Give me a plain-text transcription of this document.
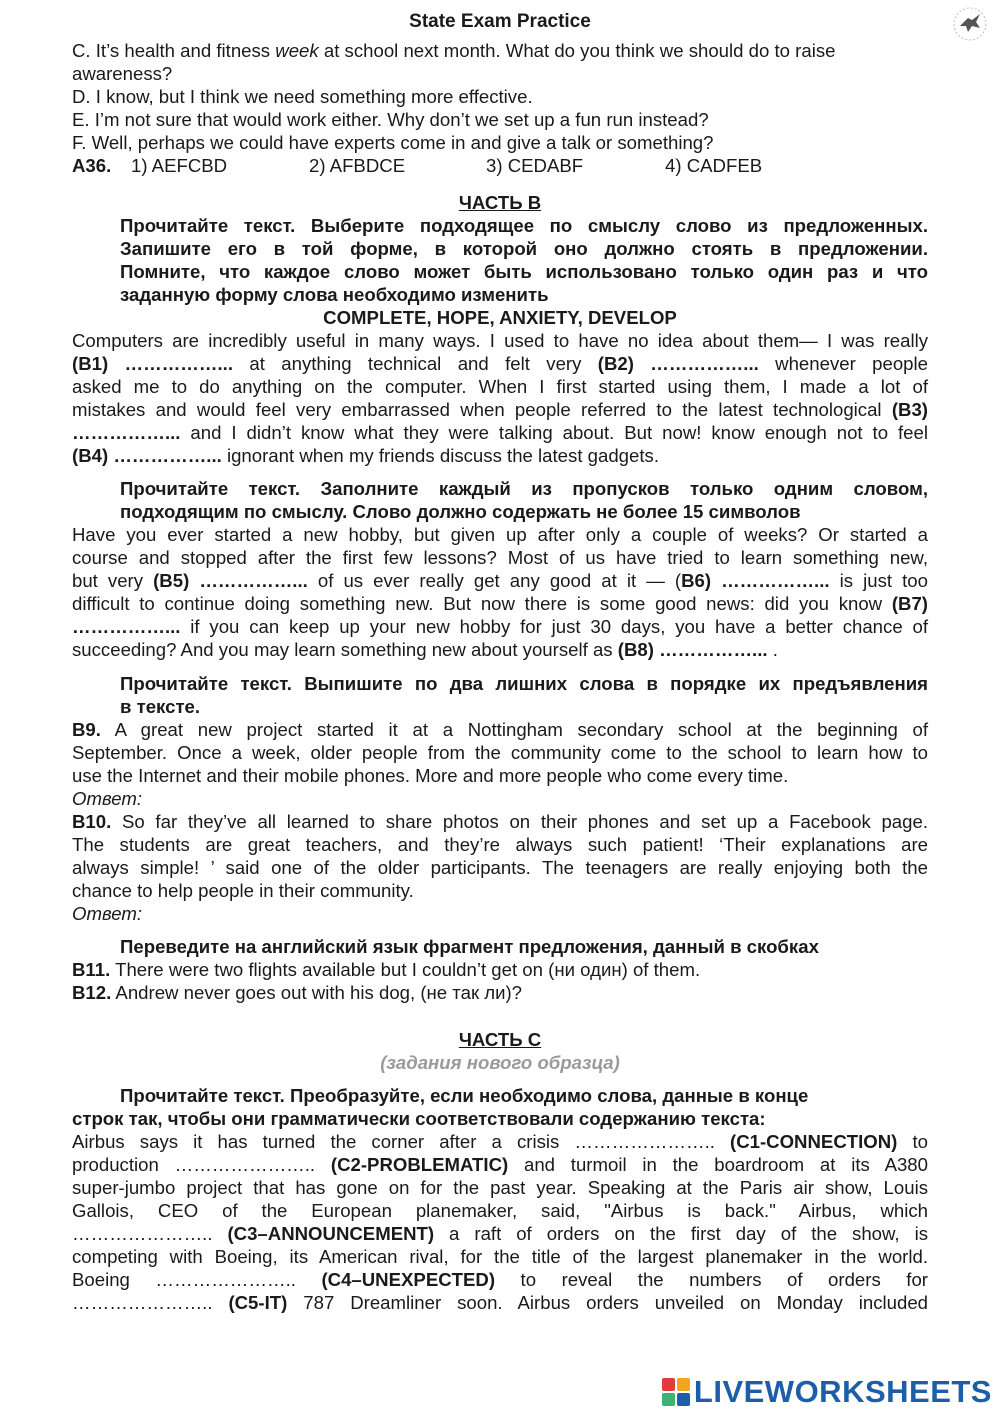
State Exam Practice
C. It’s health and fitness week at school next month. What do you think we should do to raise
awareness?
D. I know, but I think we need something more effective.
E. I’m not sure that would work either. Why don’t we set up a fun run instead?
F. Well, perhaps we could have experts come in and give a talk or something?
A36. 1) AEFCBD	2) AFBDCE	3) CEDABF	4) CADFEB
ЧАСТЬ В
Прочитайте текст. Выберите подходящее по смыслу слово из предложенных.
Запишите его в той форме, в которой оно должно стоять в предложении.
Помните, что каждое слово может быть использовано только один раз и что
заданную форму слова необходимо изменить
COMPLETE, HOPE, ANXIETY, DEVELOP
Computers are incredibly useful in many ways. I used to have no idea about them— I was really
(B1) ……………... at anything technical and felt very (B2) ……………... whenever people
asked me to do anything on the computer. When I first started using them, I made a lot of
mistakes and would feel very embarrassed when people referred to the latest technological (B3)
……………... and I didn’t know what they were talking about. But now! know enough not to feel
(B4) ……………... ignorant when my friends discuss the latest gadgets.
Прочитайте текст. Заполните каждый из пропусков только одним словом,
подходящим по смыслу. Слово должно содержать не более 15 символов
Have you ever started a new hobby, but given up after only a couple of weeks? Or started a
course and stopped after the first few lessons? Most of us have tried to learn something new,
but very (B5) ……………... of us ever really get any good at it — (B6) ……………... is just too
difficult to continue doing something new. But now there is some good news: did you know (B7)
……………... if you can keep up your new hobby for just 30 days, you have a better chance of
succeeding? And you may learn something new about yourself as (B8) ……………... .
Прочитайте текст. Выпишите по два лишних слова в порядке их предъявления
в тексте.
B9. A great new project started it at a Nottingham secondary school at the beginning of
September. Once a week, older people from the community come to the school to learn how to
use the Internet and their mobile phones. More and more people who come every time.
Ответ:
B10. So far they’ve all learned to share photos on their phones and set up a Facebook page.
The students are great teachers, and they’re always such patient! ‘Their explanations are
always simple! ’ said one of the older participants. The teenagers are really enjoying both the
chance to help people in their community.
Ответ:
Переведите на английский язык фрагмент предложения, данный в скобках
B11. There were two flights available but I couldn’t get on (ни один) of them.
B12. Andrew never goes out with his dog, (не так ли)?
ЧАСТЬ С
(задания нового образца)
Прочитайте текст. Преобразуйте, если необходимо слова, данные в конце
строк так, чтобы они грамматически соответствовали содержанию текста:
Airbus says it has turned the corner after a crisis ………………….. (C1-CONNECTION) to
production ………………….. (C2-PROBLEMATIC) and turmoil in the boardroom at its A380
super-jumbo project that has gone on for the past year. Speaking at the Paris air show, Louis
Gallois, CEO of the European planemaker, said, "Airbus is back." Airbus, which
………………….. (C3–ANNOUNCEMENT) a raft of orders on the first day of the show, is
competing with Boeing, its American rival, for the title of the largest planemaker in the world.
Boeing ………………….. (C4–UNEXPECTED) to reveal the numbers of orders for
………………….. (C5-IT) 787 Dreamliner soon. Airbus orders unveiled on Monday included
LIVEWORKSHEETS
